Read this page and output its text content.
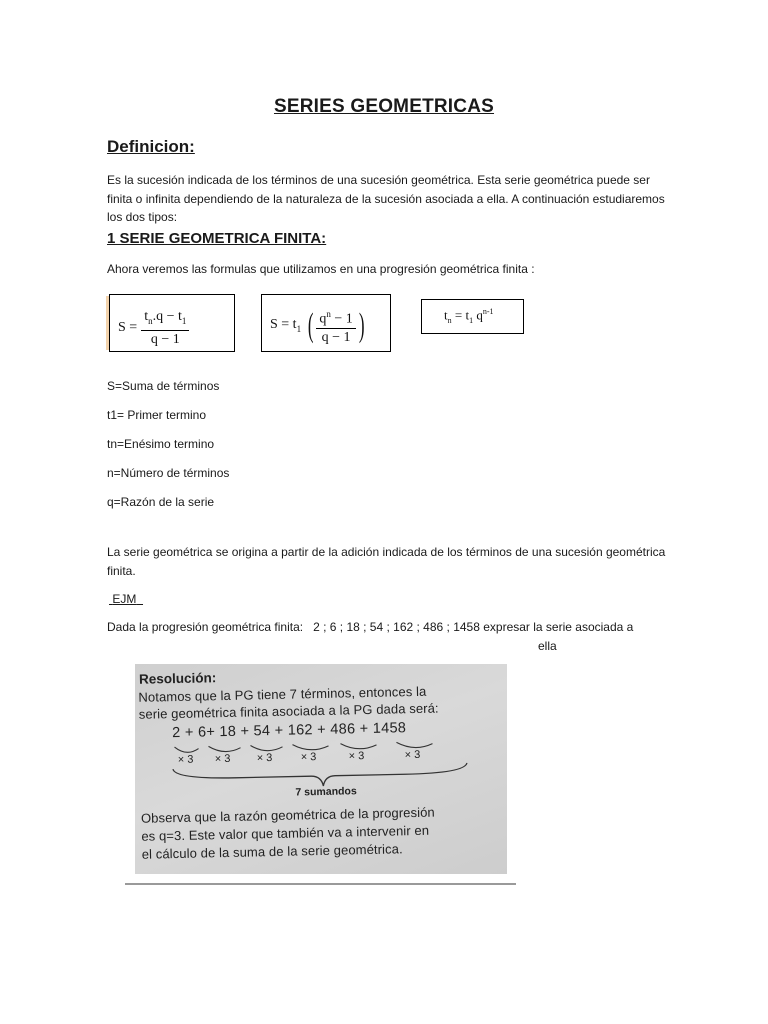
SERIES GEOMETRICAS
Definicion:
Es la sucesión indicada de los términos de una sucesión geométrica. Esta serie geométrica puede ser finita o infinita dependiendo de la naturaleza de la sucesión asociada a ella. A continuación estudiaremos los dos tipos:
1 SERIE GEOMETRICA FINITA:
Ahora veremos las formulas que utilizamos en una progresión geométrica finita :
$S = \frac{t_n.q - t_1}{q - 1}$	$S = t_1$ ( $\frac{q^n - 1}{q - 1}$ )	$t_n = t_1$ $q^{n-1}$
S=Suma de términos
t1= Primer termino
tn=Enésimo termino
n=Número de términos
q=Razón de la serie
La serie geométrica se origina a partir de la adición indicada de los términos de una sucesión geométrica finita.
EJM
Dada la progresión geométrica finita:   2 ; 6 ; 18 ; 54 ; 162 ; 486 ; 1458 expresar la serie asociada a
ella
Resolución:
Notamos que la PG tiene 7 términos, entonces la
serie geométrica finita asociada a la PG dada será:
2 + 6+ 18 + 54 + 162 + 486 + 1458
× 3 × 3 × 3	× 3	× 3	× 3
7 sumandos
Observa que la razón geométrica de la progresión
es q=3. Este valor que también va a intervenir en
el cálculo de la suma de la serie geométrica.
